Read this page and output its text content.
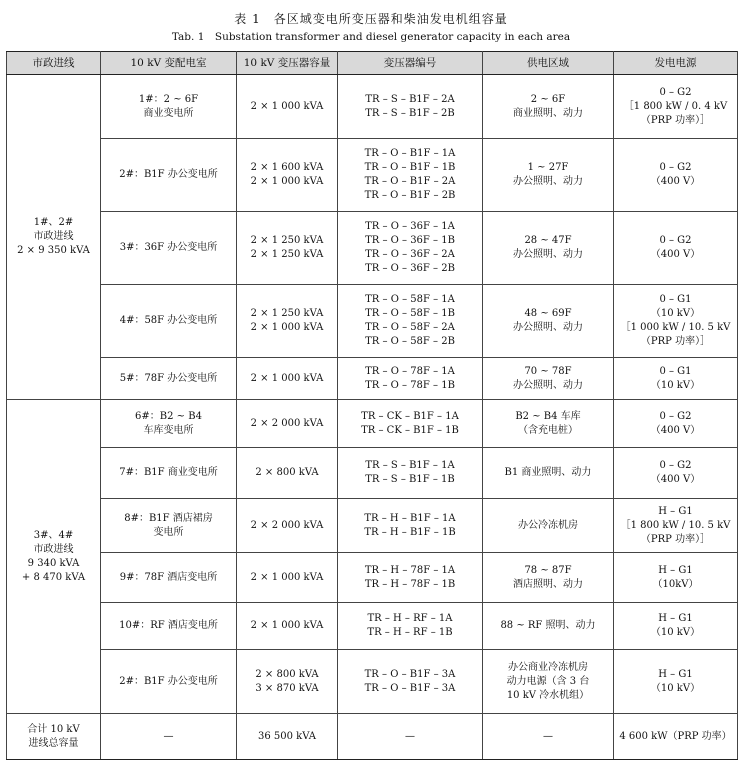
表 1　各区域变电所变压器和柴油发电机组容量
Tab. 1　Substation transformer and diesel generator capacity in each area
市政进线	10 kV 变配电室	10 kV 变压器容量	变压器编号	供电区域	发电电源
1#、2#
市政进线
2 × 9 350 kVA	1#：2 ~ 6F
商业变电所	2 × 1 000 kVA	TR – S – B1F – 2A
TR – S – B1F – 2B	2 ~ 6F
商业照明、动力	0 – G2
［1 800 kW / 0. 4 kV
（PRP 功率）］
	2#：B1F 办公变电所	2 × 1 600 kVA
2 × 1 000 kVA	TR – O – B1F – 1A
TR – O – B1F – 1B
TR – O – B1F – 2A
TR – O – B1F – 2B	1 ~ 27F
办公照明、动力	0 – G2
（400 V）
	3#：36F 办公变电所	2 × 1 250 kVA
2 × 1 250 kVA	TR – O – 36F – 1A
TR – O – 36F – 1B
TR – O – 36F – 2A
TR – O – 36F – 2B	28 ~ 47F
办公照明、动力	0 – G2
（400 V）
	4#：58F 办公变电所	2 × 1 250 kVA
2 × 1 000 kVA	TR – O – 58F – 1A
TR – O – 58F – 1B
TR – O – 58F – 2A
TR – O – 58F – 2B	48 ~ 69F
办公照明、动力	0 – G1
（10 kV）
［1 000 kW / 10. 5 kV
（PRP 功率）］
	5#：78F 办公变电所	2 × 1 000 kVA	TR – O – 78F – 1A
TR – O – 78F – 1B	70 ~ 78F
办公照明、动力	0 – G1
（10 kV）
3#、4#
市政进线
9 340 kVA
+ 8 470 kVA	6#：B2 ~ B4
车库变电所	2 × 2 000 kVA	TR – CK – B1F – 1A
TR – CK – B1F – 1B	B2 ~ B4 车库
（含充电桩）	0 – G2
（400 V）
	7#：B1F 商业变电所	2 × 800 kVA	TR – S – B1F – 1A
TR – S – B1F – 1B	B1 商业照明、动力	0 – G2
（400 V）
	8#：B1F 酒店裙房
变电所	2 × 2 000 kVA	TR – H – B1F – 1A
TR – H – B1F – 1B	办公冷冻机房	H – G1
［1 800 kW / 10. 5 kV
（PRP 功率）］
	9#：78F 酒店变电所	2 × 1 000 kVA	TR – H – 78F – 1A
TR – H – 78F – 1B	78 ~ 87F
酒店照明、动力	H – G1
（10kV）
	10#：RF 酒店变电所	2 × 1 000 kVA	TR – H – RF – 1A
TR – H – RF – 1B	88 ~ RF 照明、动力	H – G1
（10 kV）
	2#：B1F 办公变电所	2 × 800 kVA
3 × 870 kVA	TR – O – B1F – 3A
TR – O – B1F – 3A	办公商业冷冻机房
动力电源（含 3 台
10 kV 冷水机组）	H – G1
（10 kV）
合计 10 kV
进线总容量	—	36 500 kVA	—	—	4 600 kW（PRP 功率）
